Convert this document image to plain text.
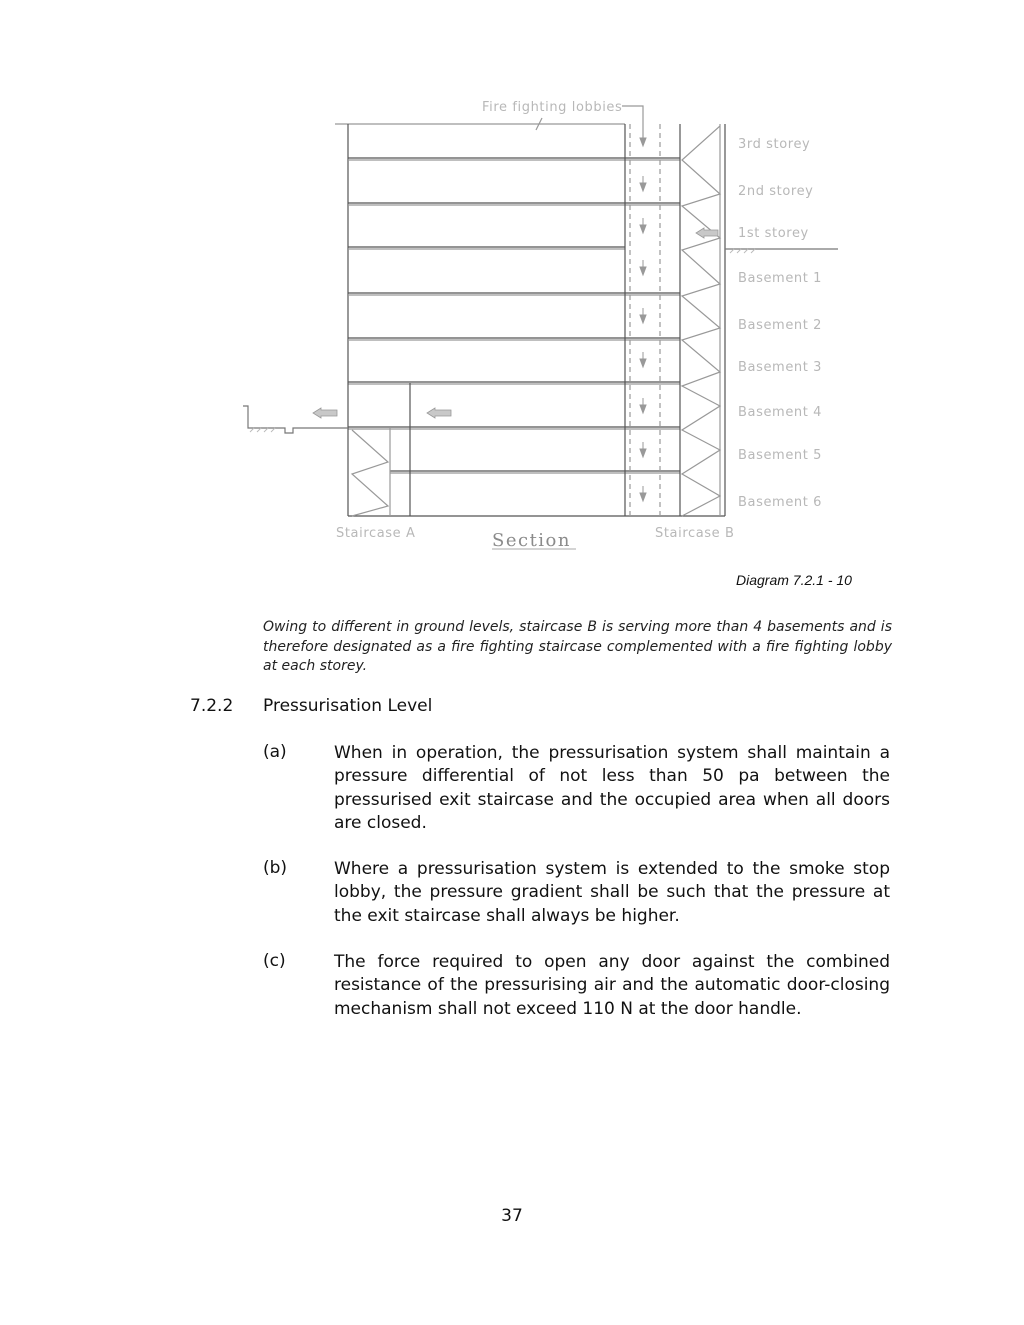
Fire fighting lobbies
3rd storey
2nd storey
1st storey
Basement 1
Basement 2
Basement 3
Basement 4
Basement 5
Basement 6
Staircase A	Staircase B
Section
Diagram 7.2.1 - 10
Owing to different in ground levels, staircase B is serving more than 4 basements and is therefore designated as a fire fighting staircase complemented with a fire fighting lobby at each storey.
7.2.2 Pressurisation Level
(a)	When in operation, the pressurisation system shall maintain a pressure differential of not less than 50 pa between the pressurised exit staircase and the occupied area when all doors are closed.
(b)	Where a pressurisation system is extended to the smoke stop lobby, the pressure gradient shall be such that the pressure at the exit staircase shall always be higher.
(c)	The force required to open any door against the combined resistance of the pressurising air and the automatic door-closing mechanism shall not exceed 110 N at the door handle.
37
